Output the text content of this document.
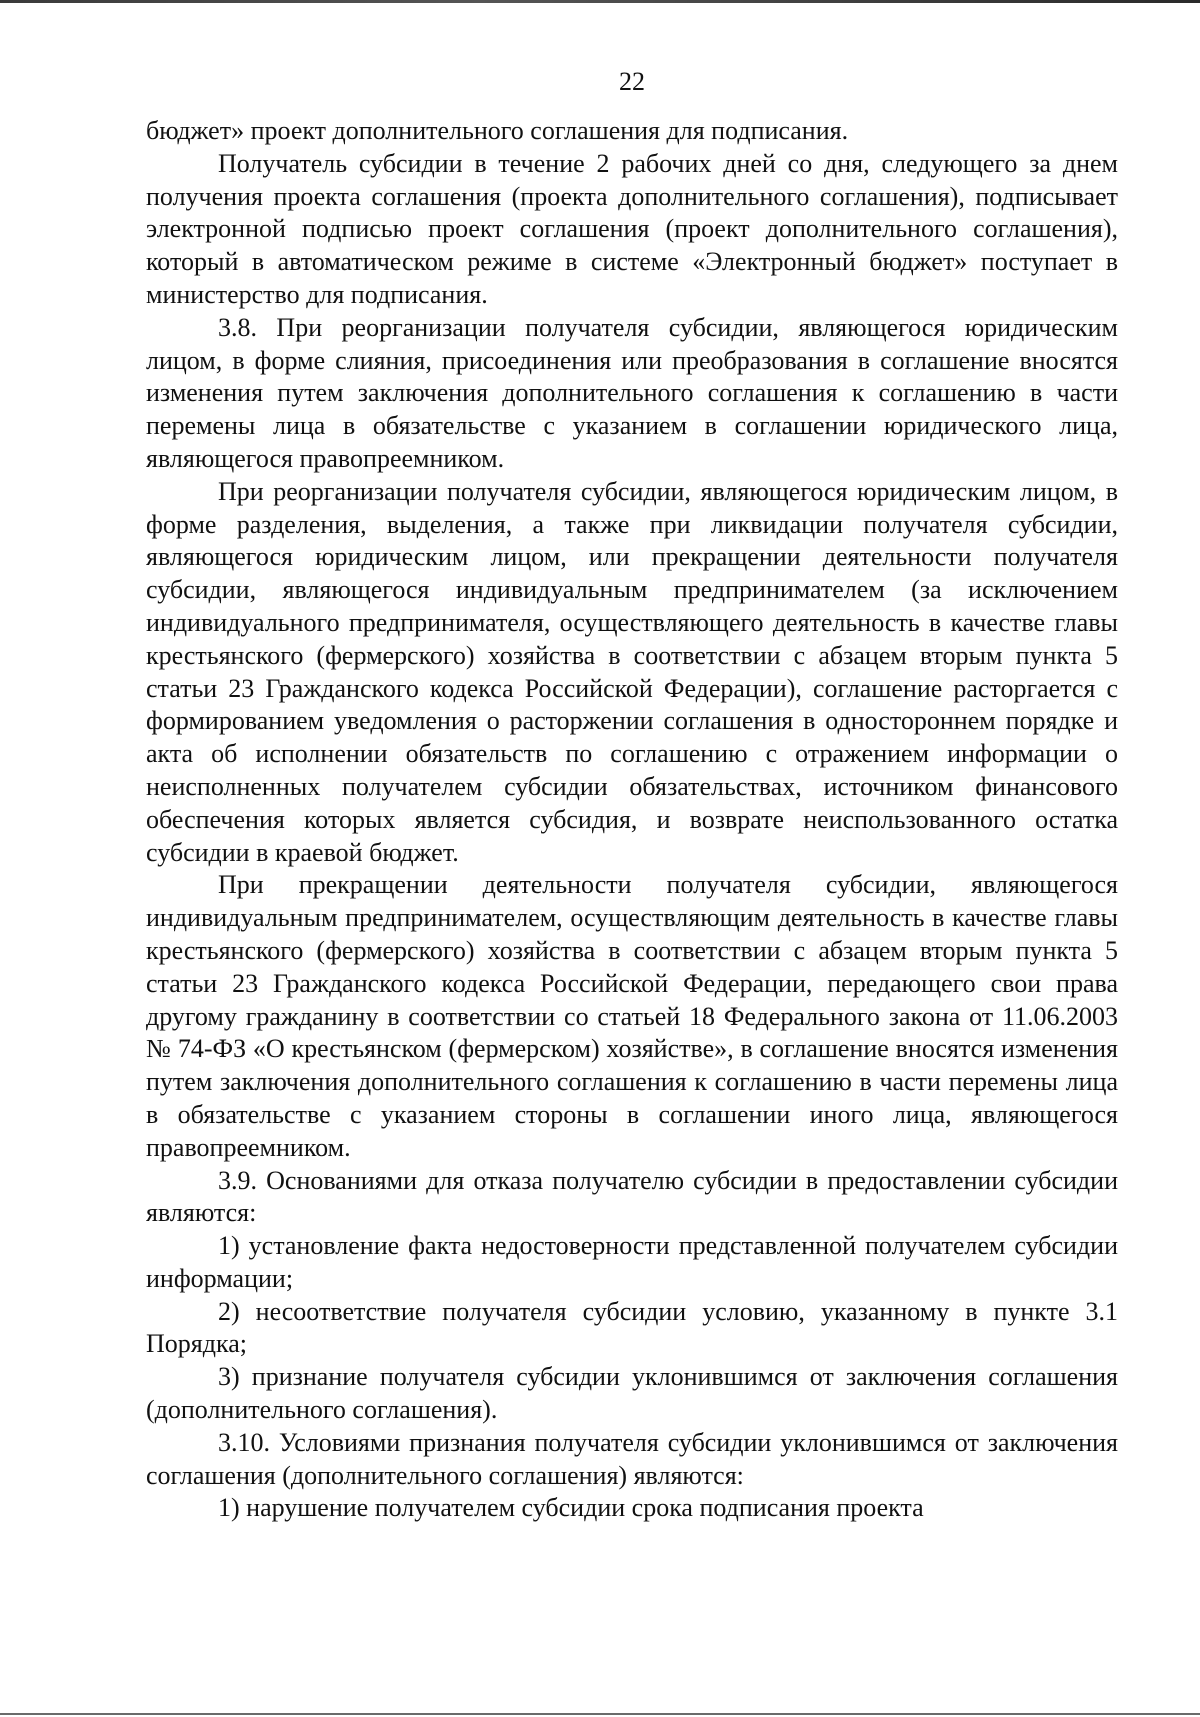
22

бюджет» проект дополнительного соглашения для подписания.

Получатель субсидии в течение 2 рабочих дней со дня, следующего за днем получения проекта соглашения (проекта дополнительного соглашения), подписывает электронной подписью проект соглашения (проект дополнительного соглашения), который в автоматическом режиме в системе «Электронный бюджет» поступает в министерство для подписания.

3.8. При реорганизации получателя субсидии, являющегося юридическим лицом, в форме слияния, присоединения или преобразования в соглашение вносятся изменения путем заключения дополнительного соглашения к соглашению в части перемены лица в обязательстве с указанием в соглашении юридического лица, являющегося правопреемником.

При реорганизации получателя субсидии, являющегося юридическим лицом, в форме разделения, выделения, а также при ликвидации получателя субсидии, являющегося юридическим лицом, или прекращении деятельности получателя субсидии, являющегося индивидуальным предпринимателем (за исключением индивидуального предпринимателя, осуществляющего деятельность в качестве главы крестьянского (фермерского) хозяйства в соответствии с абзацем вторым пункта 5 статьи 23 Гражданского кодекса Российской Федерации), соглашение расторгается с формированием уведомления о расторжении соглашения в одностороннем порядке и акта об исполнении обязательств по соглашению с отражением информации о неисполненных получателем субсидии обязательствах, источником финансового обеспечения которых является субсидия, и возврате неиспользованного остатка субсидии в краевой бюджет.

При прекращении деятельности получателя субсидии, являющегося индивидуальным предпринимателем, осуществляющим деятельность в качестве главы крестьянского (фермерского) хозяйства в соответствии с абзацем вторым пункта 5 статьи 23 Гражданского кодекса Российской Федерации, передающего свои права другому гражданину в соответствии со статьей 18 Федерального закона от 11.06.2003 № 74-ФЗ «О крестьянском (фермерском) хозяйстве», в соглашение вносятся изменения путем заключения дополнительного соглашения к соглашению в части перемены лица в обязательстве с указанием стороны в соглашении иного лица, являющегося правопреемником.

3.9. Основаниями для отказа получателю субсидии в предоставлении субсидии являются:

1) установление факта недостоверности представленной получателем субсидии информации;

2) несоответствие получателя субсидии условию, указанному в пункте 3.1 Порядка;

3) признание получателя субсидии уклонившимся от заключения соглашения (дополнительного соглашения).

3.10. Условиями признания получателя субсидии уклонившимся от заключения соглашения (дополнительного соглашения) являются:

1) нарушение получателем субсидии срока подписания проекта
